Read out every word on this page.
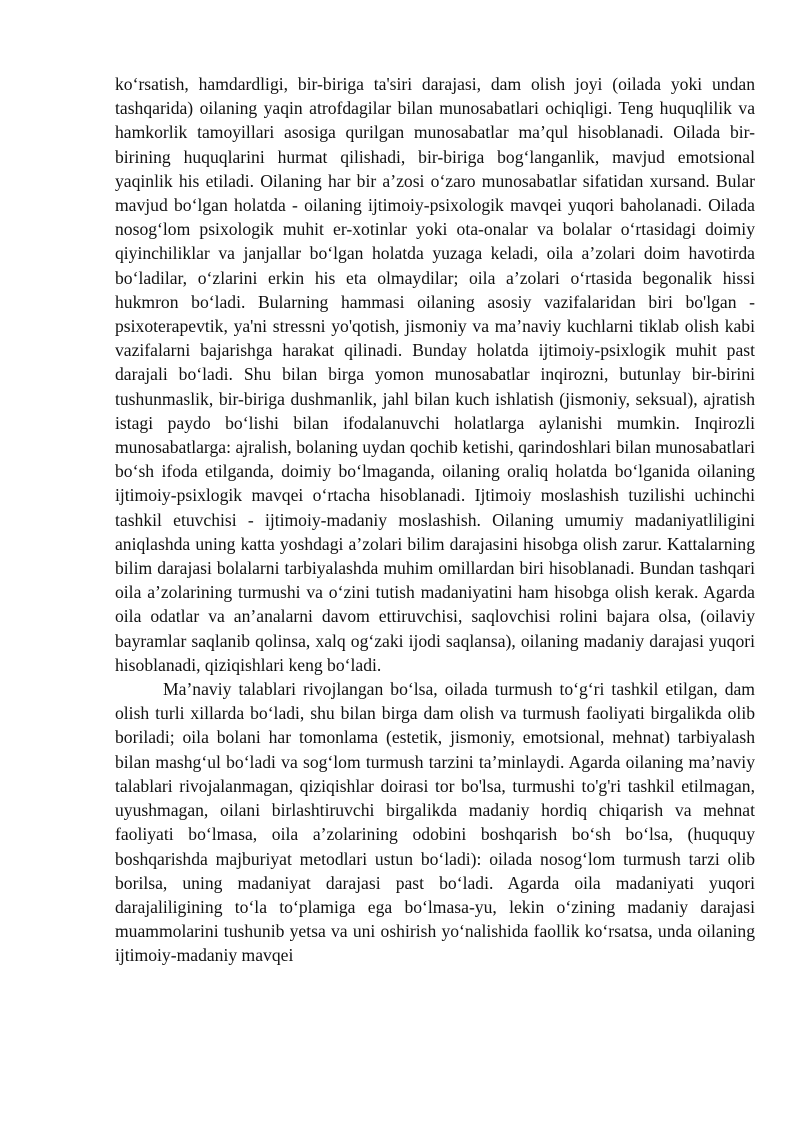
ko‘rsatish, hamdardligi, bir-biriga ta'siri darajasi, dam olish joyi (oilada yoki undan tashqarida) oilaning yaqin atrofdagilar bilan munosabatlari ochiqligi. Teng huquqlilik va hamkorlik tamoyillari asosiga qurilgan munosabatlar ma’qul hisoblanadi. Oilada bir-birining huquqlarini hurmat qilishadi, bir-biriga bog‘langanlik, mavjud emotsional yaqinlik his etiladi. Oilaning har bir a’zosi o‘zaro munosabatlar sifatidan xursand. Bular mavjud bo‘lgan holatda - oilaning ijtimoiy-psixologik mavqei yuqori baholanadi. Oilada nosog‘lom psixologik muhit er-xotinlar yoki ota-onalar va bolalar o‘rtasidagi doimiy qiyinchiliklar va janjallar bo‘lgan holatda yuzaga keladi, oila a’zolari doim havotirda bo‘ladilar, o‘zlarini erkin his eta olmaydilar; oila a’zolari o‘rtasida begonalik hissi hukmron bo‘ladi. Bularning hammasi oilaning asosiy vazifalaridan biri bo'lgan - psixoterapevtik, ya'ni stressni yo'qotish, jismoniy va ma’naviy kuchlarni tiklab olish kabi vazifalarni bajarishga harakat qilinadi. Bunday holatda ijtimoiy-psixlogik muhit past darajali bo‘ladi. Shu bilan birga yomon munosabatlar inqirozni, butunlay bir-birini tushunmaslik, bir-biriga dushmanlik, jahl bilan kuch ishlatish (jismoniy, seksual), ajratish istagi paydo bo‘lishi bilan ifodalanuvchi holatlarga aylanishi mumkin. Inqirozli munosabatlarga: ajralish, bolaning uydan qochib ketishi, qarindoshlari bilan munosabatlari bo‘sh ifoda etilganda, doimiy bo‘lmaganda, oilaning oraliq holatda bo‘lganida oilaning ijtimoiy-psixlogik mavqei o‘rtacha hisoblanadi. Ijtimoiy moslashish tuzilishi uchinchi tashkil etuvchisi - ijtimoiy-madaniy moslashish. Oilaning umumiy madaniyatliligini aniqlashda uning katta yoshdagi a’zolari bilim darajasini hisobga olish zarur. Kattalarning bilim darajasi bolalarni tarbiyalashda muhim omillardan biri hisoblanadi. Bundan tashqari oila a’zolarining turmushi va o‘zini tutish madaniyatini ham hisobga olish kerak. Agarda oila odatlar va an’analarni davom ettiruvchisi, saqlovchisi rolini bajara olsa, (oilaviy bayramlar saqlanib qolinsa, xalq og‘zaki ijodi saqlansa), oilaning madaniy darajasi yuqori hisoblanadi, qiziqishlari keng bo‘ladi.

Ma’naviy talablari rivojlangan bo‘lsa, oilada turmush to‘g‘ri tashkil etilgan, dam olish turli xillarda bo‘ladi, shu bilan birga dam olish va turmush faoliyati birgalikda olib boriladi; oila bolani har tomonlama (estetik, jismoniy, emotsional, mehnat) tarbiyalash bilan mashg‘ul bo‘ladi va sog‘lom turmush tarzini ta’minlaydi. Agarda oilaning ma’naviy talablari rivojalanmagan, qiziqishlar doirasi tor bo'lsa, turmushi to'g'ri tashkil etilmagan, uyushmagan, oilani birlashtiruvchi birgalikda madaniy hordiq chiqarish va mehnat faoliyati bo‘lmasa, oila a’zolarining odobini boshqarish bo‘sh bo‘lsa, (huququy boshqarishda majburiyat metodlari ustun bo‘ladi): oilada nosog‘lom turmush tarzi olib borilsa, uning madaniyat darajasi past bo‘ladi. Agarda oila madaniyati yuqori darajaliligining to‘la to‘plamiga ega bo‘lmasa-yu, lekin o‘zining madaniy darajasi muammolarini tushunib yetsa va uni oshirish yo‘nalishida faollik ko‘rsatsa, unda oilaning ijtimoiy-madaniy mavqei
